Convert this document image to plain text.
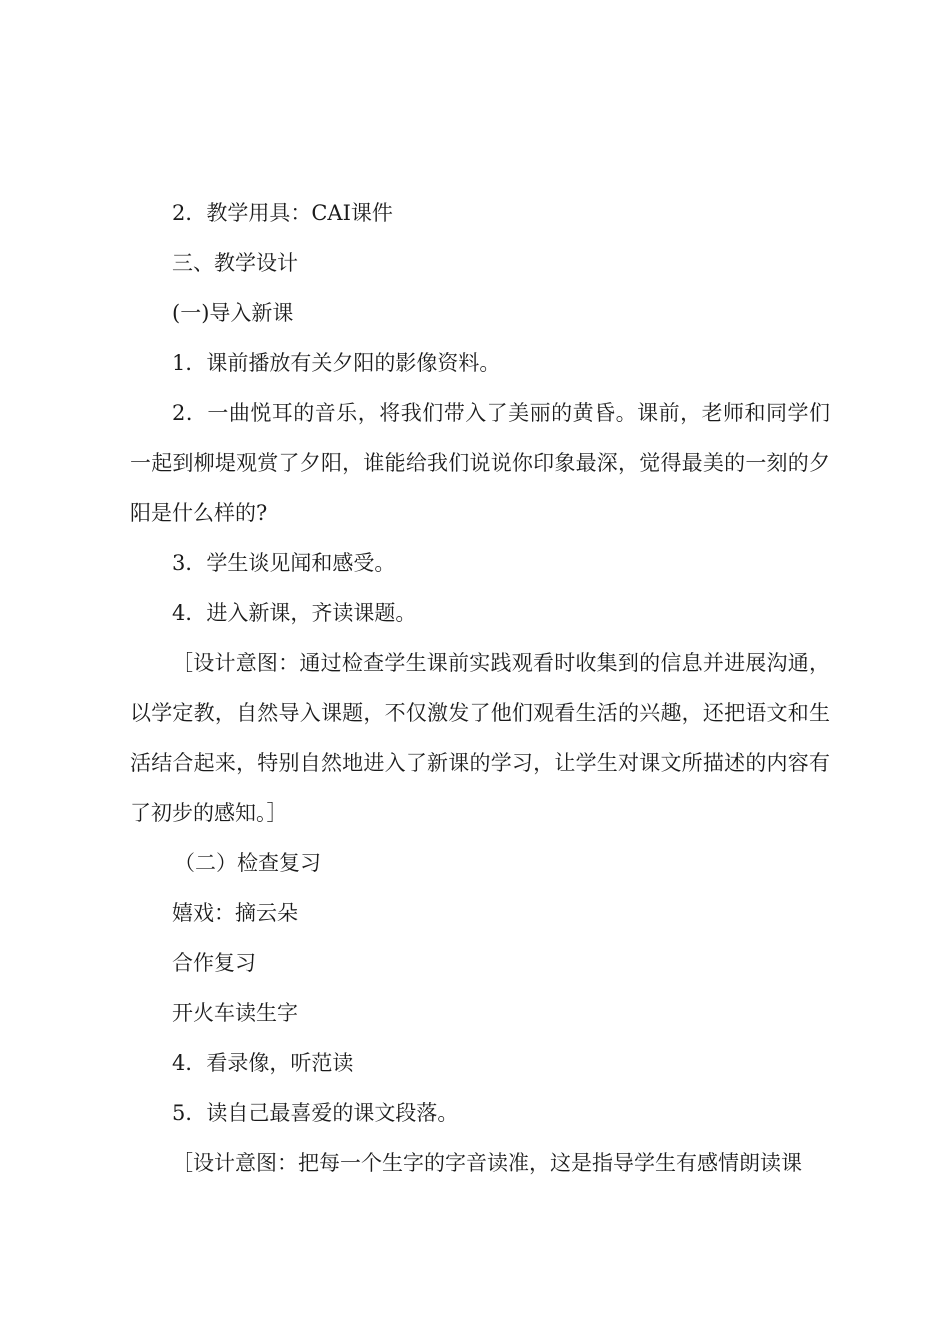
2．教学用具：CAI课件

三、教学设计

(一)导入新课

1．课前播放有关夕阳的影像资料。

2．一曲悦耳的音乐，将我们带入了美丽的黄昏。课前，老师和同学们一起到柳堤观赏了夕阳，谁能给我们说说你印象最深，觉得最美的一刻的夕阳是什么样的?

3．学生谈见闻和感受。

4．进入新课，齐读课题。

［设计意图：通过检查学生课前实践观看时收集到的信息并进展沟通，以学定教，自然导入课题，不仅激发了他们观看生活的兴趣，还把语文和生活结合起来，特别自然地进入了新课的学习，让学生对课文所描述的内容有了初步的感知。］

（二）检查复习

嬉戏：摘云朵

合作复习

开火车读生字

4．看录像，听范读

5．读自己最喜爱的课文段落。

［设计意图：把每一个生字的字音读准，这是指导学生有感情朗读课
